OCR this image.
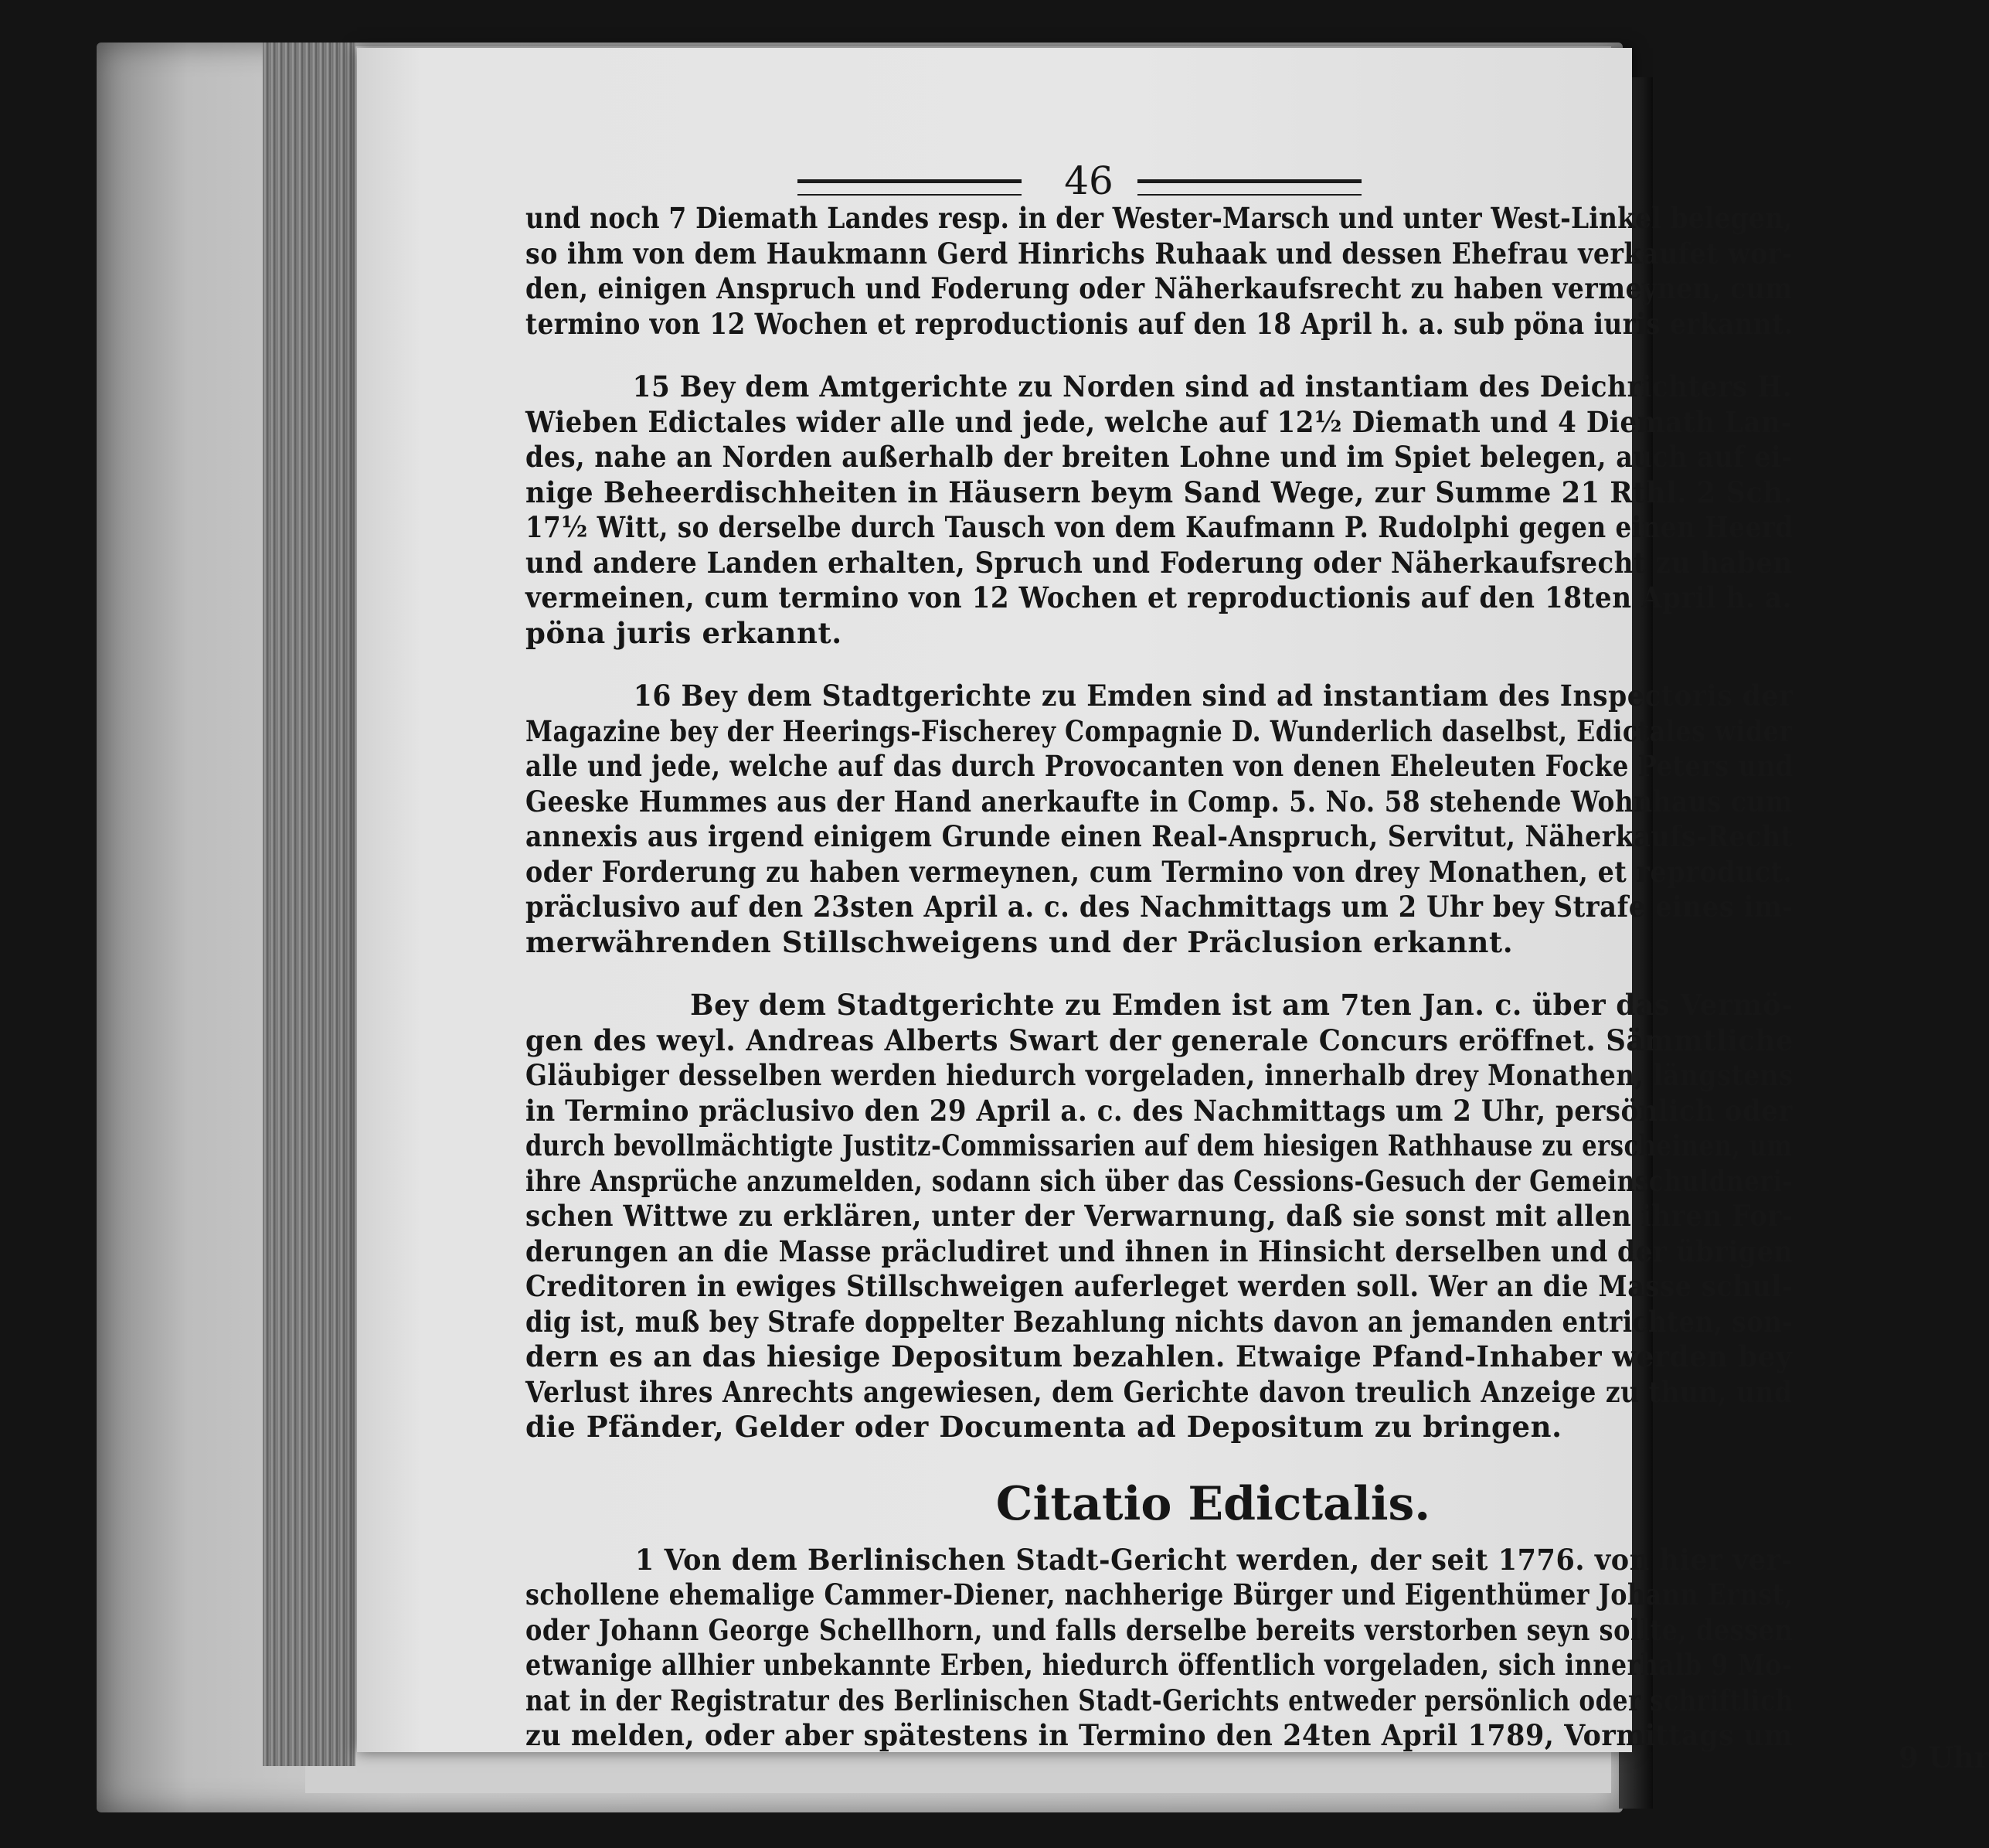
46
und noch 7 Diemath Landes resp. in der Wester-Marsch und unter West-Linkel belegen,
so ihm von dem Haukmann Gerd Hinrichs Ruhaak und dessen Ehefrau verkaufet wor-
den, einigen Anspruch und Foderung oder Näherkaufsrecht zu haben vermeynen, cum
termino von 12 Wochen et reproductionis auf den 18 April h. a. sub pöna iuris erkannt.
15 Bey dem Amtgerichte zu Norden sind ad instantiam des Deichrichters H.
Wieben Edictales wider alle und jede, welche auf 12½ Diemath und 4 Diemath Lan-
des, nahe an Norden außerhalb der breiten Lohne und im Spiet belegen, auch auf ei-
nige Beheerdischheiten in Häusern beym Sand Wege, zur Summe 21 Rthl. 2 Sch.
17½ Witt, so derselbe durch Tausch von dem Kaufmann P. Rudolphi gegen einen Heerd
und andere Landen erhalten, Spruch und Foderung oder Näherkaufsrecht zu haben
vermeinen, cum termino von 12 Wochen et reproductionis auf den 18ten April h. a.
pöna juris erkannt.
16 Bey dem Stadtgerichte zu Emden sind ad instantiam des Inspectoris der
Magazine bey der Heerings-Fischerey Compagnie D. Wunderlich daselbst, Edictales wider
alle und jede, welche auf das durch Provocanten von denen Eheleuten Focke Peters und
Geeske Hummes aus der Hand anerkaufte in Comp. 5. No. 58 stehende Wohnhaus cum
annexis aus irgend einigem Grunde einen Real-Anspruch, Servitut, Näherkaufs-Recht
oder Forderung zu haben vermeynen, cum Termino von drey Monathen, et reproduct.
präclusivo auf den 23sten April a. c. des Nachmittags um 2 Uhr bey Strafe eines im-
merwährenden Stillschweigens und der Präclusion erkannt.
Bey dem Stadtgerichte zu Emden ist am 7ten Jan. c. über das Vermö-
gen des weyl. Andreas Alberts Swart der generale Concurs eröffnet. Sämmtliche
Gläubiger desselben werden hiedurch vorgeladen, innerhalb drey Monathen, längstens
in Termino präclusivo den 29 April a. c. des Nachmittags um 2 Uhr, persönlich oder
durch bevollmächtigte Justitz-Commissarien auf dem hiesigen Rathhause zu erscheinen, um
ihre Ansprüche anzumelden, sodann sich über das Cessions-Gesuch der Gemeinschuldneri-
schen Wittwe zu erklären, unter der Verwarnung, daß sie sonst mit allen ihren For-
derungen an die Masse präcludiret und ihnen in Hinsicht derselben und der übrigen
Creditoren in ewiges Stillschweigen auferleget werden soll. Wer an die Masse schul-
dig ist, muß bey Strafe doppelter Bezahlung nichts davon an jemanden entrichten, son-
dern es an das hiesige Depositum bezahlen. Etwaige Pfand-Inhaber werden bey
Verlust ihres Anrechts angewiesen, dem Gerichte davon treulich Anzeige zu thun, und
die Pfänder, Gelder oder Documenta ad Depositum zu bringen.
Citatio Edictalis.
1 Von dem Berlinischen Stadt-Gericht werden, der seit 1776. von hier ver-
schollene ehemalige Cammer-Diener, nachherige Bürger und Eigenthümer Johann Ernst,
oder Johann George Schellhorn, und falls derselbe bereits verstorben seyn sollte, dessen
etwanige allhier unbekannte Erben, hiedurch öffentlich vorgeladen, sich innerhalb 9 Mo-
nat in der Registratur des Berlinischen Stadt-Gerichts entweder persönlich oder schriftlich
zu melden, oder aber spätestens in Termino den 24ten April 1789, Vormittags um
9 Uhr
